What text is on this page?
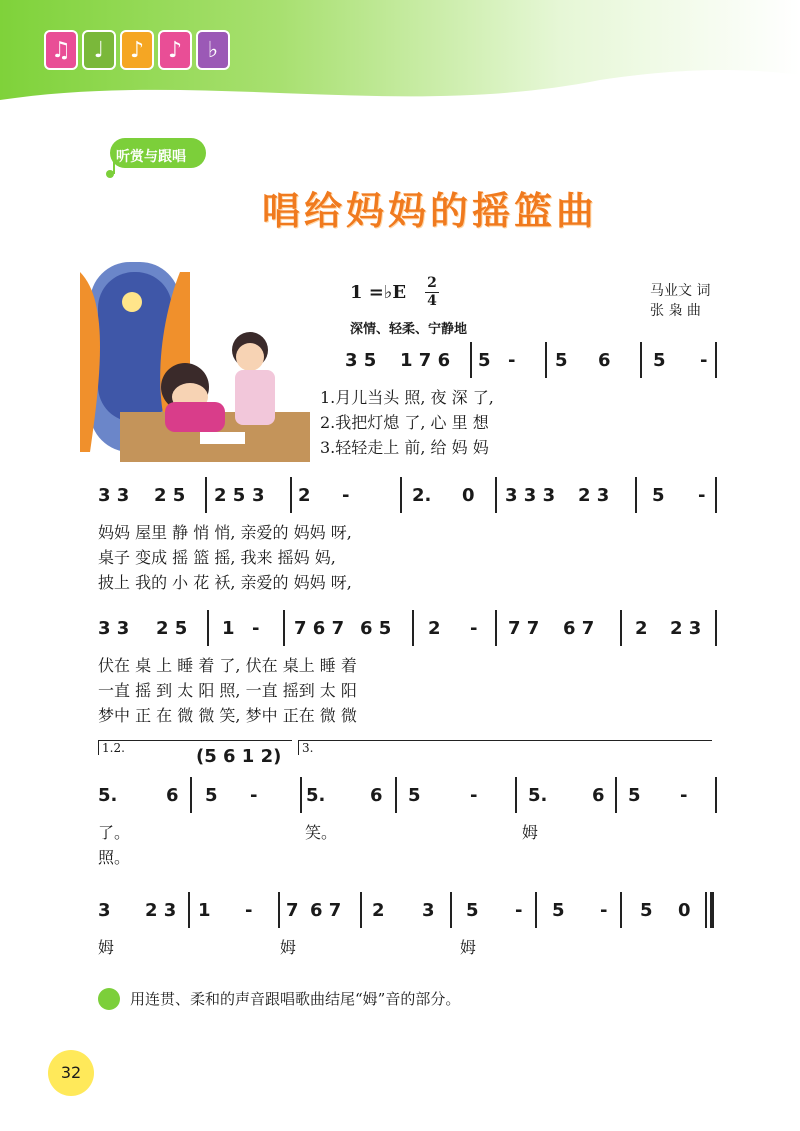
♫	♩	♪	♪	♭
听赏与跟唱
唱给妈妈的摇篮曲
1 =♭E 2
4
深情、轻柔、宁静地
马业文 词
张 枭 曲
3 5 1 7 6 5 - 5 6 5 -
1.月儿当头 照, 夜 深 了,
2.我把灯熄 了, 心 里 想
3.轻轻走上 前, 给 妈 妈
3 3 2 5 2 5 3 2 -	2. 0 3 3 3 2 3 5 -
妈妈 屋里 静 悄 悄, 亲爱的 妈妈 呀,
桌子 变成 摇 篮 摇, 我来 摇妈 妈,
披上 我的 小 花 袄, 亲爱的 妈妈 呀,
3 3 2 5 1 - 7 6 7 6 5 2 - 7 7 6 7 2 2 3
伏在 桌 上 睡 着 了, 伏在 桌上 睡 着
一直 摇 到 太 阳 照, 一直 摇到 太 阳
梦中 正 在 微 微 笑, 梦中 正在 微 微
5.	6 5 -	5. 6 5	-	5. 6 5 -
3 2 3 1 - 7 6 7 2 3 5 - 5 - 5 0
1.2.	3.
(5 6 1 2)
了。
照。
笑。	姆
姆	姆	姆
用连贯、柔和的声音跟唱歌曲结尾“姆”音的部分。
32
